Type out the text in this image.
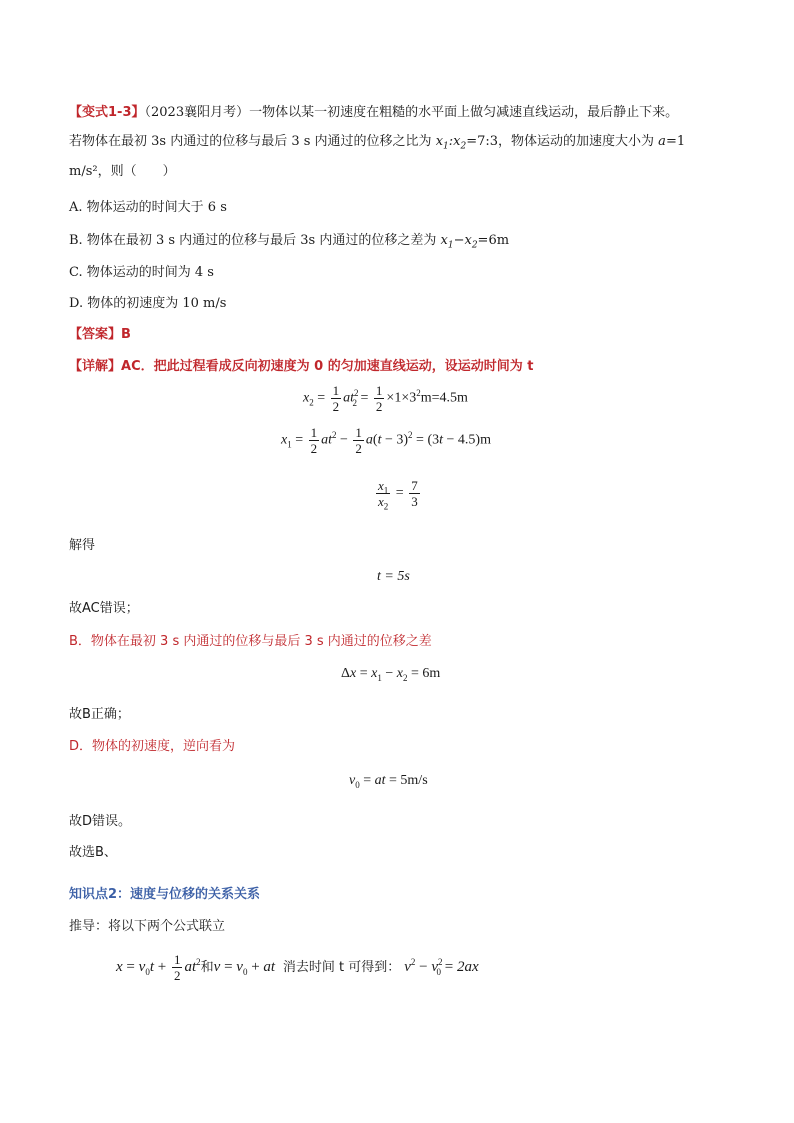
【变式1-3】（2023襄阳月考）一物体以某一初速度在粗糙的水平面上做匀减速直线运动，最后静止下来。
若物体在最初 3s 内通过的位移与最后 3 s 内通过的位移之比为 $x_1:x_2=7:3$，物体运动的加速度大小为 a=1
m/s²，则（　　）
A. 物体运动的时间大于 6 s
B. 物体在最初 3 s 内通过的位移与最后 3s 内通过的位移之差为 $x_1-x_2=6m$
C. 物体运动的时间为 4 s
D. 物体的初速度为 10 m/s
【答案】B
【详解】AC．把此过程看成反向初速度为 0 的匀加速直线运动，设运动时间为 t
$x_2 = \frac{1}{2} at^2_2 = \frac{1}{2} \times 1\times 3^2m=4.5m$
$x_1 = \frac{1}{2} at^2 - \frac{1}{2} a(t - 3)^2 = (3t - 4.5)m$
$\frac{x_1}{x_2} = \frac{7}{3}$
解得
t = 5s
故AC错误；
B．物体在最初 3 s 内通过的位移与最后 3 s 内通过的位移之差
$\Delta x = x_1 - x_2 = 6m$
故B正确；
D．物体的初速度，逆向看为
$v_0$ = at = 5m/s
故D错误。
故选B、
知识点2：速度与位移的关系关系
推导：将以下两个公式联立
$x = v_0t + \frac{1}{2} at^2$和$v = v_0$ + at 消去时间 t 可得到： $v^2 - v^2_0 = 2ax$
